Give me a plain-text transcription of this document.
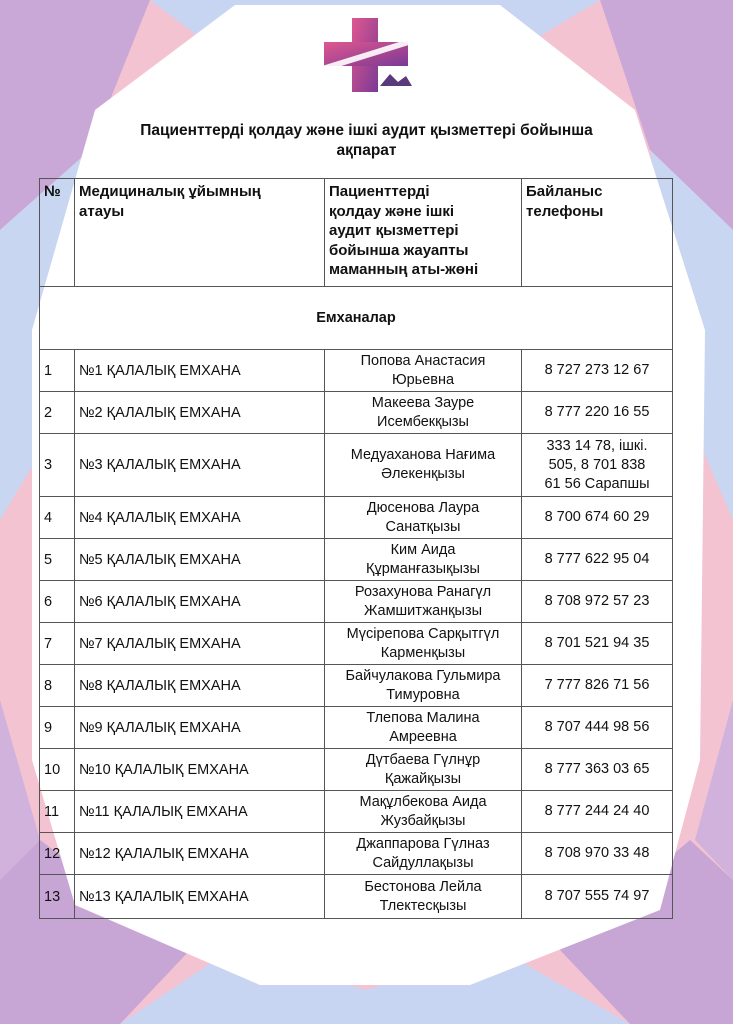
Пациенттерді қолдау және ішкі аудит қызметтері бойынша
ақпарат
№	Медициналық ұйымның
атауы	Пациенттерді
қолдау және ішкі
аудит қызметтері
бойынша жауапты
маманның аты-жөні	Байланыс
телефоны

Емханалар			
1	№1 ҚАЛАЛЫҚ ЕМХАНА	Попова Анастасия
Юрьевна	8 727 273 12 67

2	№2 ҚАЛАЛЫҚ ЕМХАНА	Макеева Зауре
Исембекқызы	8 777 220 16 55

3	№3 ҚАЛАЛЫҚ ЕМХАНА	Медуаханова Нағима
Әлекенқызы	333 14 78, ішкі.
505, 8 701 838
61 56 Сарапшы

4	№4 ҚАЛАЛЫҚ ЕМХАНА	Дюсенова Лаура
Санатқызы	8 700 674 60 29

5	№5 ҚАЛАЛЫҚ ЕМХАНА	Ким Аида
Құрманғазықызы	8 777 622 95 04

6	№6 ҚАЛАЛЫҚ ЕМХАНА	Розахунова Ранагүл
Жамшитжанқызы	8 708 972 57 23

7	№7 ҚАЛАЛЫҚ ЕМХАНА	Мүсірепова Сарқытгүл
Карменқызы	8 701 521 94 35

8	№8 ҚАЛАЛЫҚ ЕМХАНА	Байчулакова Гульмира
Тимуровна	7 777 826 71 56

9	№9 ҚАЛАЛЫҚ ЕМХАНА	Тлепова Малина
Амреевна	8 707 444 98 56

10	№10 ҚАЛАЛЫҚ ЕМХАНА	Дүтбаева Гүлнұр
Қажайқызы	8 777 363 03 65

11	№11 ҚАЛАЛЫҚ ЕМХАНА	Мақұлбекова Аида
Жузбайқызы	8 777 244 24 40

12	№12 ҚАЛАЛЫҚ ЕМХАНА	Джаппарова Гүлназ
Сайдуллақызы	8 708 970 33 48

13	№13 ҚАЛАЛЫҚ ЕМХАНА	Бестонова Лейла
Тлектесқызы	8 707 555 74 97
